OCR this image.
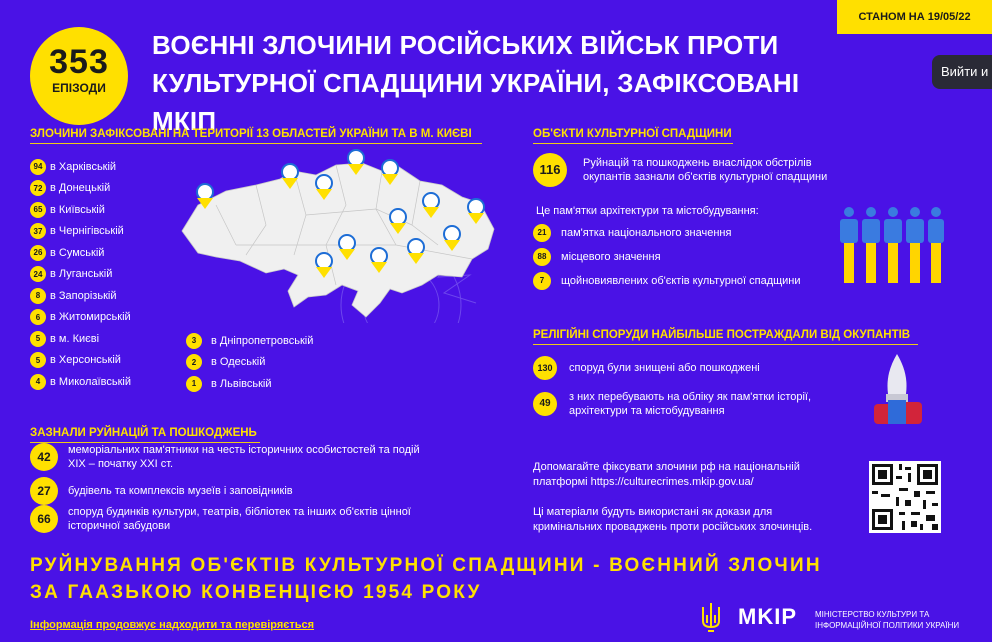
353
ЕПІЗОДИ
ВОЄННІ ЗЛОЧИНИ РОСІЙСЬКИХ ВІЙСЬК ПРОТИ
КУЛЬТУРНОЇ СПАДЩИНИ УКРАЇНИ, ЗАФІКСОВАНІ МКІП
СТАНОМ НА 19/05/22
Вийти и
ЗЛОЧИНИ ЗАФІКСОВАНІ НА ТЕРИТОРІЇ 13 ОБЛАСТЕЙ УКРАЇНИ ТА В М. КИЄВІ
94 в Харківській
72 в Донецькій
65 в Київській
37 в Чернігівській
26 в Сумській
24 в Луганській
8 в Запорізькій
6 в Житомирській
5 в м. Києві
5 в Херсонській
4 в Миколаївській
3	в Дніпропетровській
2	в Одеській
1	в Львівській
ОБ'ЄКТИ КУЛЬТУРНОЇ СПАДЩИНИ
116	Руйнацій та пошкоджень внаслідок обстрілів окупантів зазнали об'єктів культурної спадщини
Це пам'ятки архітектури та містобудування:
21	пам'ятка національного значення
88	місцевого значення
7	щойновиявлених об'єктів культурної спадщини
РЕЛІГІЙНІ СПОРУДИ НАЙБІЛЬШЕ ПОСТРАЖДАЛИ ВІД ОКУПАНТІВ
130	споруд були знищені або пошкоджені
49
з них перебувають на обліку як пам'ятки історії, архітектури та містобудування
ЗАЗНАЛИ РУЙНАЦІЙ ТА ПОШКОДЖЕНЬ
42	меморіальних пам'ятники на честь історичних особистостей та подій XIX – початку XXI ст.
27	будівель та комплексів музеїв і заповідників
66	споруд будинків культури, театрів, бібліотек та інших об'єктів цінної історичної забудови
Допомагайте фіксувати злочини рф на національній платформі https://culturecrimes.mkip.gov.ua/
Ці матеріали будуть використані як докази для кримінальних проваджень проти російських злочинців.
РУЙНУВАННЯ ОБ'ЄКТІВ КУЛЬТУРНОЇ СПАДЩИНИ - ВОЄННИЙ ЗЛОЧИН
ЗА ГААЗЬКОЮ КОНВЕНЦІЄЮ 1954 РОКУ
Інформація продовжує надходити та перевіряється	MKIP МІНІСТЕРСТВО КУЛЬТУРИ ТА
ІНФОРМАЦІЙНОЇ ПОЛІТИКИ УКРАЇНИ
